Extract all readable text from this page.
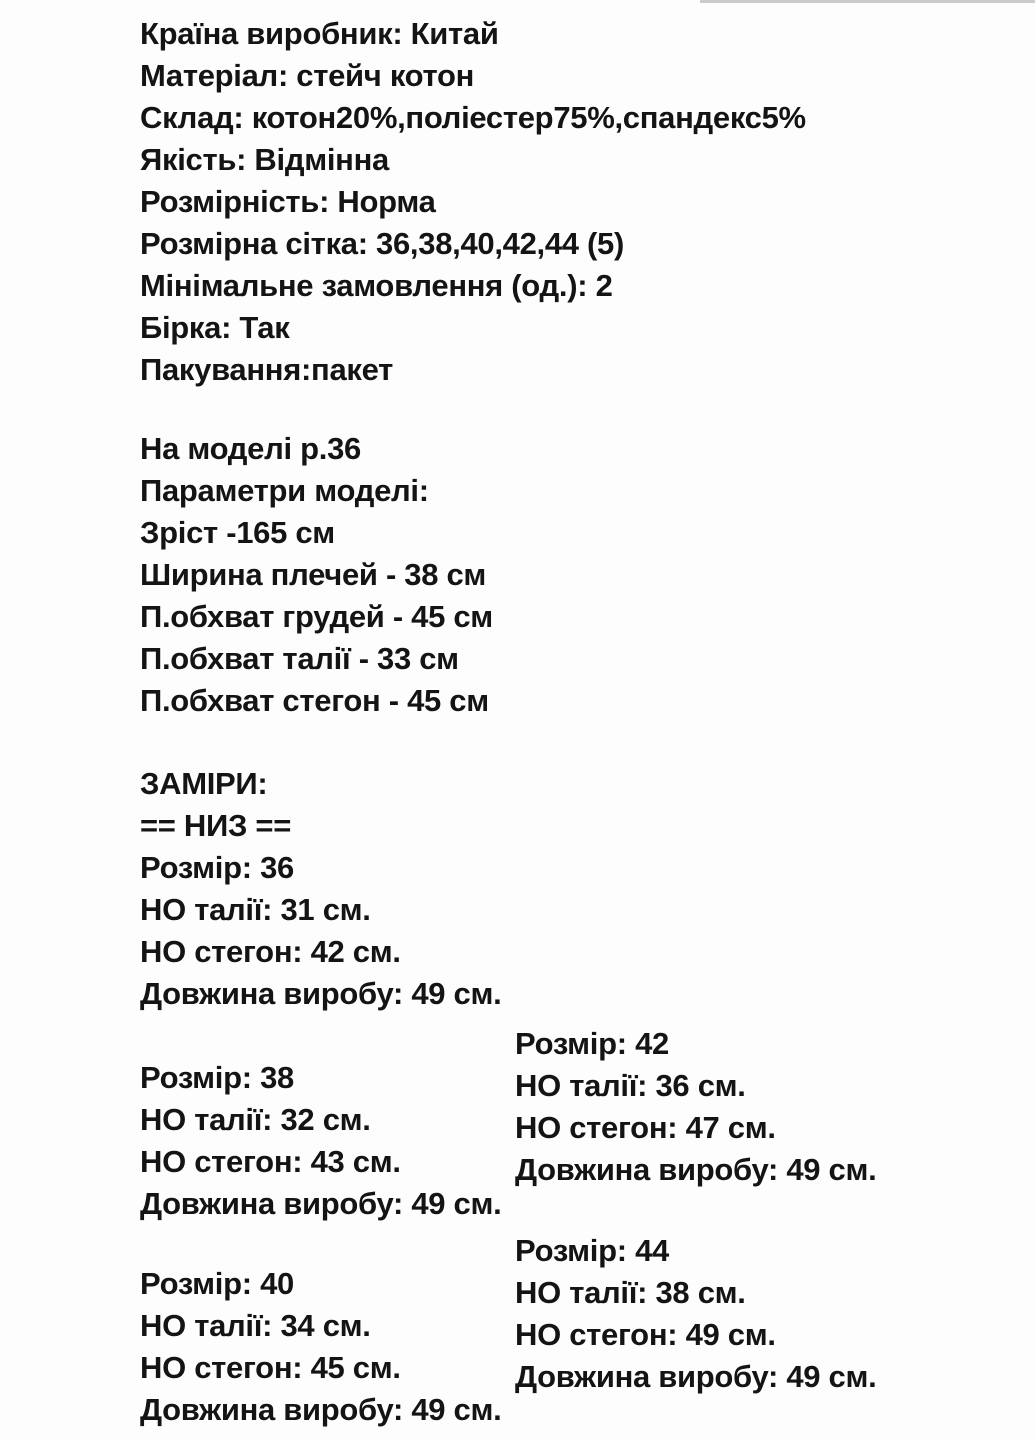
Країна виробник: Китай
Матеріал: стейч котон
Склад: котон20%,поліестер75%,спандекс5%
Якість: Відмінна
Розмірність: Норма
Розмірна сітка: 36,38,40,42,44 (5)
Мінімальне замовлення (од.): 2
Бірка: Так
Пакування:пакет
На моделі р.36
Параметри моделі:
Зріст -165 см
Ширина плечей - 38 см
П.обхват грудей - 45 см
П.обхват талії - 33 см
П.обхват стегон - 45 см
ЗАМІРИ:
== НИЗ ==
Розмір: 36
НО талії: 31 см.
НО стегон: 42 см.
Довжина виробу: 49 см.
Розмір: 38
НО талії: 32 см.
НО стегон: 43 см.
Довжина виробу: 49 см.
Розмір: 40
НО талії: 34 см.
НО стегон: 45 см.
Довжина виробу: 49 см.
Розмір: 42
НО талії: 36 см.
НО стегон: 47 см.
Довжина виробу: 49 см.
Розмір: 44
НО талії: 38 см.
НО стегон: 49 см.
Довжина виробу: 49 см.
